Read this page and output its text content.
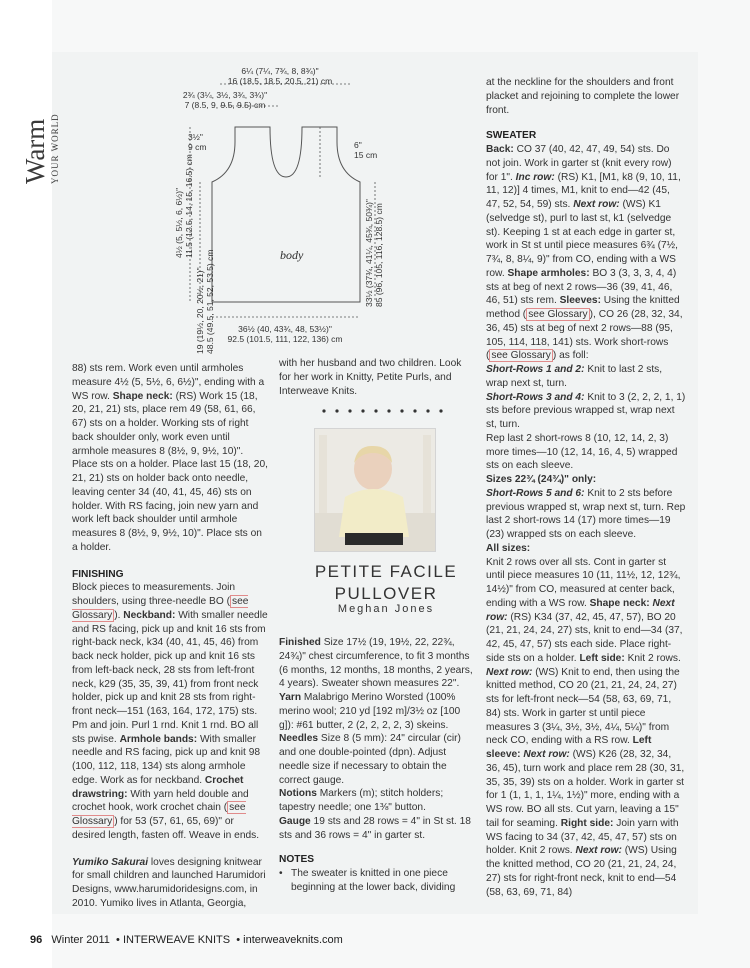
Warm YOUR WORLD
6¼ (7¼, 7¾, 8, 8¾)"
16 (18.5, 18.5, 20.5, 21) cm
2¾ (3¼, 3½, 3¾, 3¾)"
7 (8.5, 9, 9.5, 9.5) cm
3½"
9 cm	6"
15 cm
4½ (5, 5½, 6, 6½)" 11.5 (12.5, 14, 15, 16.5) cm
19 (19½, 20, 20½, 21)" 48.5 (49.5, 51, 52, 53.5) cm	33½ (37¾, 41¼, 45¾, 50¾)" 85 (96, 105, 116, 128.5) cm
36½ (40, 43¾, 48, 53½)"
92.5 (101.5, 111, 122, 136) cm
body

88) sts rem. Work even until armholes measure 4½ (5, 5½, 6, 6½)", ending with a WS row. Shape neck: (RS) Work 15 (18, 20, 21, 21) sts, place rem 49 (58, 61, 66, 67) sts on a holder. Working sts of right back shoulder only, work even until armhole measures 8 (8½, 9, 9½, 10)". Place sts on a holder. Place last 15 (18, 20, 21, 21) sts on holder back onto needle, leaving center 34 (40, 41, 45, 46) sts on holder. With RS facing, join new yarn and work left back shoulder until armhole measures 8 (8½, 9, 9½, 10)". Place sts on a holder.

FINISHING

Block pieces to measurements. Join shoulders, using three-needle BO ( see Glossary ). Neckband: With smaller needle and RS facing, pick up and knit 16 sts from right-back neck, k34 (40, 41, 45, 46) from back neck holder, pick up and knit 16 sts from left-back neck, 28 sts from left-front neck, k29 (35, 35, 39, 41) from front neck holder, pick up and knit 28 sts from right-front neck—151 (163, 164, 172, 175) sts. Pm and join. Purl 1 rnd. Knit 1 rnd. BO all sts pwise. Armhole bands: With smaller needle and RS facing, pick up and knit 98 (100, 112, 118, 134) sts along armhole edge. Work as for neckband. Crochet drawstring: With yarn held double and crochet hook, work crochet chain ( see Glossary ) for 53 (57, 61, 65, 69)" or desired length, fasten off. Weave in ends.

Yumiko Sakurai loves designing knitwear for small children and launched Harumidori Designs, www.harumidoridesigns.com, in 2010. Yumiko lives in Atlanta, Georgia,

with her husband and two children. Look for her work in Knitty, Petite Purls, and Interweave Knits.
PETITE FACILE
PULLOVER
Meghan Jones

Finished Size 17½ (19, 19½, 22, 22¾, 24¾)" chest circumference, to fit 3 months (6 months, 12 months, 18 months, 2 years, 4 years). Sweater shown measures 22".

Yarn Malabrigo Merino Worsted (100% merino wool; 210 yd [192 m]/3½ oz [100 g]): #61 butter, 2 (2, 2, 2, 2, 3) skeins.

Needles Size 8 (5 mm): 24" circular (cir) and one double-pointed (dpn). Adjust needle size if necessary to obtain the correct gauge.

Notions Markers (m); stitch holders; tapestry needle; one 1⅜" button.

Gauge 19 sts and 28 rows = 4" in St st. 18 sts and 36 rows = 4" in garter st.

NOTES

• The sweater is knitted in one piece beginning at the lower back, dividing

at the neckline for the shoulders and front placket and rejoining to complete the lower front.

SWEATER

Back: CO 37 (40, 42, 47, 49, 54) sts. Do not join. Work in garter st (knit every row) for 1". Inc row: (RS) K1, [M1, k8 (9, 10, 11, 11, 12)] 4 times, M1, knit to end—42 (45, 47, 52, 54, 59) sts. Next row: (WS) K1 (selvedge st), purl to last st, k1 (selvedge st). Keeping 1 st at each edge in garter st, work in St st until piece measures 6¾ (7½, 7¾, 8, 8¼, 9)" from CO, ending with a WS row. Shape armholes: BO 3 (3, 3, 3, 4, 4) sts at beg of next 2 rows—36 (39, 41, 46, 46, 51) sts rem. Sleeves: Using the knitted method ( see Glossary ), CO 26 (28, 32, 34, 36, 45) sts at beg of next 2 rows—88 (95, 105, 114, 118, 141) sts. Work short-rows ( see Glossary ) as foll:

Short-Rows 1 and 2: Knit to last 2 sts, wrap next st, turn.

Short-Rows 3 and 4: Knit to 3 (2, 2, 2, 1, 1) sts before previous wrapped st, wrap next st, turn.

Rep last 2 short-rows 8 (10, 12, 14, 2, 3) more times—10 (12, 14, 16, 4, 5) wrapped sts on each sleeve.

Sizes 22¾ (24¾)" only:

Short-Rows 5 and 6: Knit to 2 sts before previous wrapped st, wrap next st, turn. Rep last 2 short-rows 14 (17) more times—19 (23) wrapped sts on each sleeve.

All sizes:

Knit 2 rows over all sts. Cont in garter st until piece measures 10 (11, 11½, 12, 12¾, 14½)" from CO, measured at center back, ending with a WS row. Shape neck: Next row: (RS) K34 (37, 42, 45, 47, 57), BO 20 (21, 21, 24, 24, 27) sts, knit to end—34 (37, 42, 45, 47, 57) sts each side. Place right-side sts on a holder. Left side: Knit 2 rows. Next row: (WS) Knit to end, then using the knitted method, CO 20 (21, 21, 24, 24, 27) sts for left-front neck—54 (58, 63, 69, 71, 84) sts. Work in garter st until piece measures 3 (3¼, 3½, 3½, 4¼, 5¼)" from neck CO, ending with a RS row. Left sleeve: Next row: (WS) K26 (28, 32, 34, 36, 45), turn work and place rem 28 (30, 31, 35, 35, 39) sts on a holder. Work in garter st for 1 (1, 1, 1, 1¼, 1½)" more, ending with a WS row. BO all sts. Cut yarn, leaving a 15" tail for seaming. Right side: Join yarn with WS facing to 34 (37, 42, 45, 47, 57) sts on holder. Knit 2 rows. Next row: (WS) Using the knitted method, CO 20 (21, 21, 24, 24, 27) sts for right-front neck, knit to end—54 (58, 63, 69, 71, 84)

96 Winter 2011  • INTERWEAVE KNITS  • interweaveknits.com
